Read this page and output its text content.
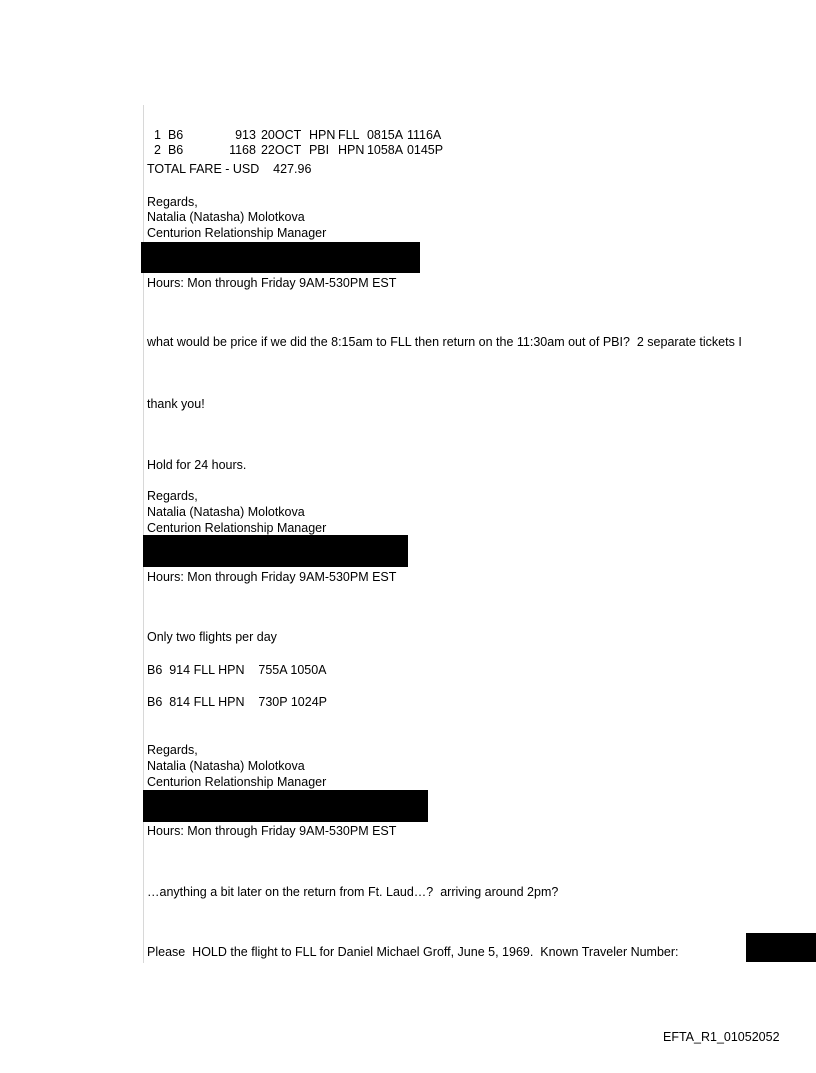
1 B6	913 20OCT HPN FLL 0815A 1116A

2 B6	1168 22OCT PBI HPN 1058A 0145P

TOTAL FARE - USD    427.96
Regards,
Natalia (Natasha) Molotkova
Centurion Relationship Manager
Hours: Mon through Friday 9AM-530PM EST
what would be price if we did the 8:15am to FLL then return on the 11:30am out of PBI?  2 separate tickets I
thank you!
Hold for 24 hours.
Regards,
Natalia (Natasha) Molotkova
Centurion Relationship Manager
Hours: Mon through Friday 9AM-530PM EST
Only two flights per day
B6  914 FLL HPN    755A 1050A
B6  814 FLL HPN    730P 1024P
Regards,
Natalia (Natasha) Molotkova
Centurion Relationship Manager
Hours: Mon through Friday 9AM-530PM EST
…anything a bit later on the return from Ft. Laud…?  arriving around 2pm?
Please  HOLD the flight to FLL for Daniel Michael Groff, June 5, 1969.  Known Traveler Number:
EFTA_R1_01052052
